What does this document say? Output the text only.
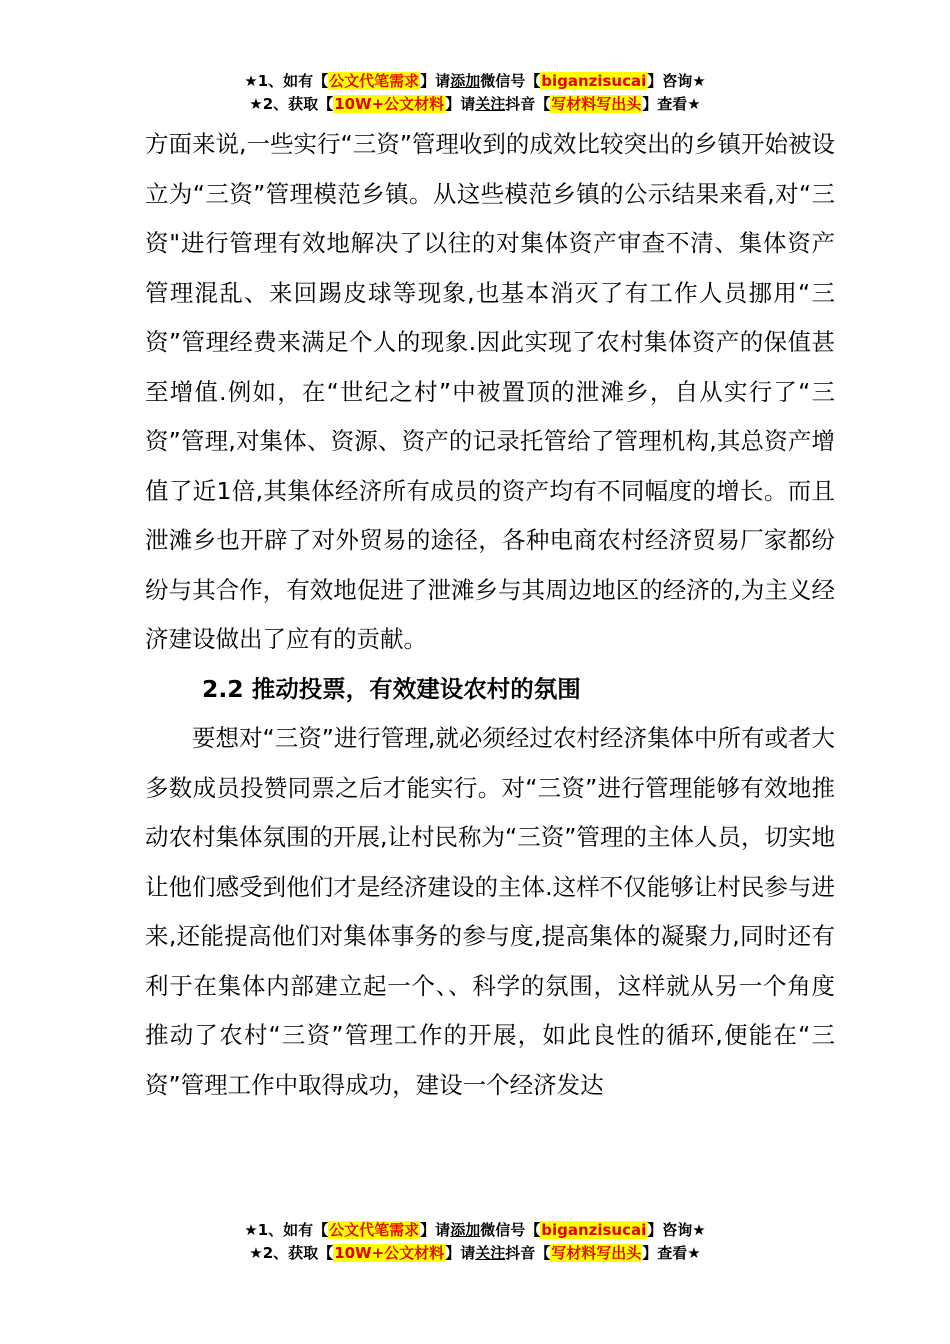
★1、如有【公文代笔需求】请添加微信号【biganzisucai】咨询★
★2、获取【10W+公文材料】请关注抖音【写材料写出头】查看★

方面来说,一些实行“三资”管理收到的成效比较突出的乡镇开始被设立为“三资”管理模范乡镇。从这些模范乡镇的公示结果来看,对“三资"进行管理有效地解决了以往的对集体资产审查不清、集体资产管理混乱、来回踢皮球等现象,也基本消灭了有工作人员挪用“三资”管理经费来满足个人的现象.因此实现了农村集体资产的保值甚至增值.例如，在“世纪之村”中被置顶的泄滩乡，自从实行了“三资”管理,对集体、资源、资产的记录托管给了管理机构,其总资产增值了近1倍,其集体经济所有成员的资产均有不同幅度的增长。而且泄滩乡也开辟了对外贸易的途径，各种电商农村经济贸易厂家都纷纷与其合作，有效地促进了泄滩乡与其周边地区的经济的,为主义经济建设做出了应有的贡献。

2.2 推动投票，有效建设农村的氛围

要想对“三资”进行管理,就必须经过农村经济集体中所有或者大多数成员投赞同票之后才能实行。对“三资”进行管理能够有效地推动农村集体氛围的开展,让村民称为“三资”管理的主体人员，切实地让他们感受到他们才是经济建设的主体.这样不仅能够让村民参与进来,还能提高他们对集体事务的参与度,提高集体的凝聚力,同时还有利于在集体内部建立起一个、、科学的氛围，这样就从另一个角度推动了农村“三资”管理工作的开展，如此良性的循环,便能在“三资”管理工作中取得成功，建设一个经济发达

★1、如有【公文代笔需求】请添加微信号【biganzisucai】咨询★
★2、获取【10W+公文材料】请关注抖音【写材料写出头】查看★
